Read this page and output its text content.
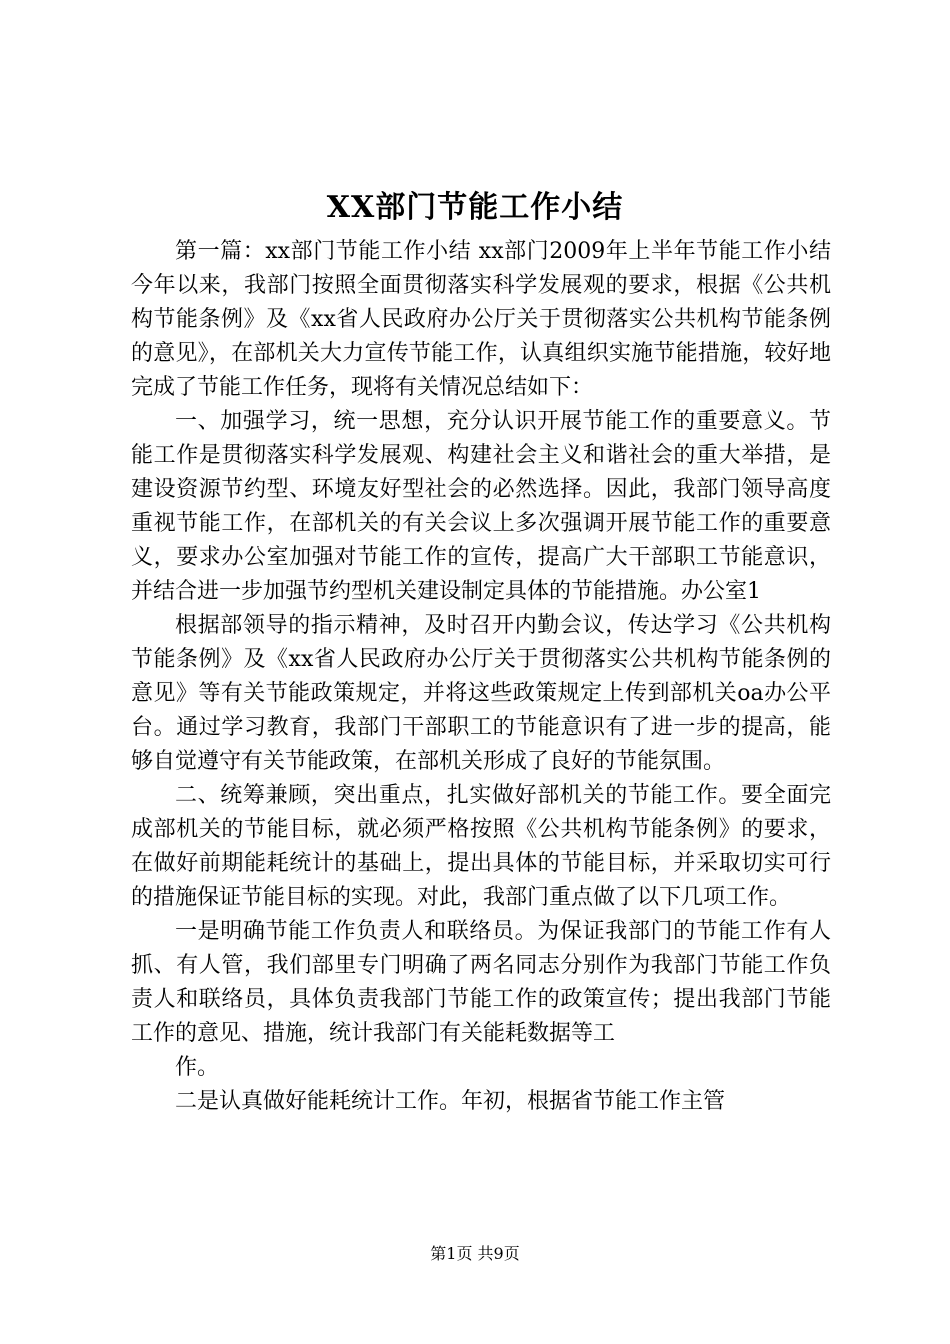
XX部门节能工作小结

第一篇：xx部门节能工作小结 xx部门2009年上半年节能工作小结今年以来，我部门按照全面贯彻落实科学发展观的要求，根据《公共机构节能条例》及《xx省人民政府办公厅关于贯彻落实公共机构节能条例的意见》，在部机关大力宣传节能工作，认真组织实施节能措施，较好地完成了节能工作任务，现将有关情况总结如下：

一、加强学习，统一思想，充分认识开展节能工作的重要意义。节能工作是贯彻落实科学发展观、构建社会主义和谐社会的重大举措，是建设资源节约型、环境友好型社会的必然选择。因此，我部门领导高度重视节能工作，在部机关的有关会议上多次强调开展节能工作的重要意义，要求办公室加强对节能工作的宣传，提高广大干部职工节能意识，并结合进一步加强节约型机关建设制定具体的节能措施。办公室1

根据部领导的指示精神，及时召开内勤会议，传达学习《公共机构节能条例》及《xx省人民政府办公厅关于贯彻落实公共机构节能条例的意见》等有关节能政策规定，并将这些政策规定上传到部机关oa办公平台。通过学习教育，我部门干部职工的节能意识有了进一步的提高，能够自觉遵守有关节能政策，在部机关形成了良好的节能氛围。

二、统筹兼顾，突出重点，扎实做好部机关的节能工作。要全面完成部机关的节能目标，就必须严格按照《公共机构节能条例》的要求，在做好前期能耗统计的基础上，提出具体的节能目标，并采取切实可行的措施保证节能目标的实现。对此，我部门重点做了以下几项工作。

一是明确节能工作负责人和联络员。为保证我部门的节能工作有人抓、有人管，我们部里专门明确了两名同志分别作为我部门节能工作负责人和联络员，具体负责我部门节能工作的政策宣传；提出我部门节能工作的意见、措施，统计我部门有关能耗数据等工

作。

二是认真做好能耗统计工作。年初，根据省节能工作主管

第1页 共9页
